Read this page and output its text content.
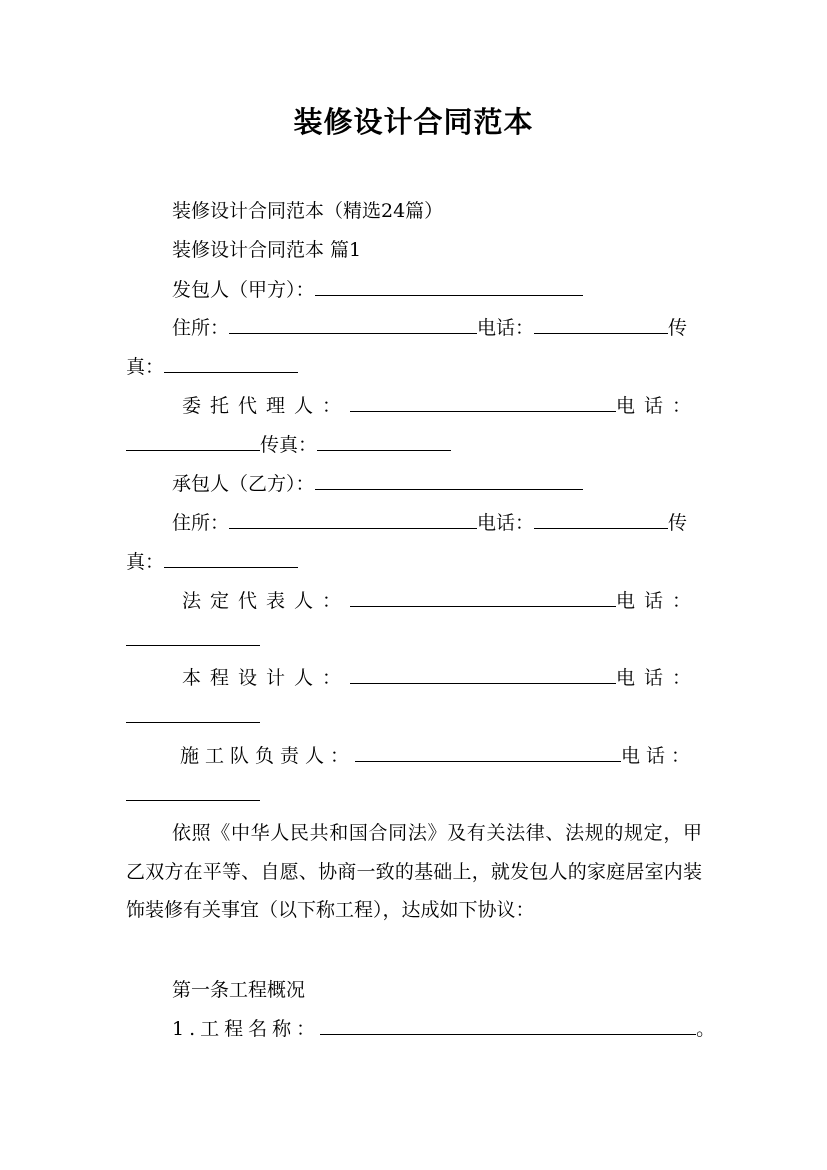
装修设计合同范本
装修设计合同范本（精选24篇）
装修设计合同范本 篇1
发包人（甲方）：
住所：	电话：	传
真：
委托代理人：	电话：
传真：
承包人（乙方）：
住所：	电话：	传
真：
法定代表人：	电话：
本程设计人：	电话：
施工队负责人：	电话：
依照《中华人民共和国合同法》及有关法律、法规的规定，甲乙双方在平等、自愿、协商一致的基础上，就发包人的家庭居室内装饰装修有关事宜（以下称工程），达成如下协议：
第一条工程概况
1.工程名称：	。
